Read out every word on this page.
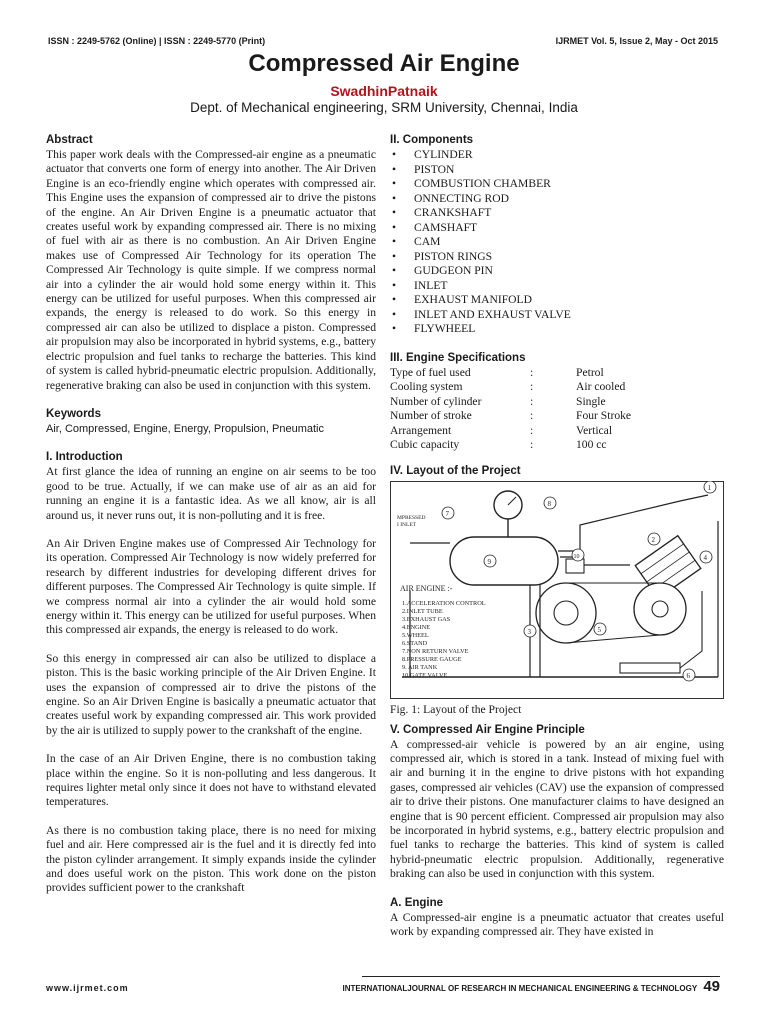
ISSN : 2249-5762 (Online) | ISSN : 2249-5770 (Print)	IJRMET Vol. 5, Issue 2, May - Oct 2015
Compressed Air Engine
SwadhinPatnaik
Dept. of Mechanical engineering, SRM University, Chennai, India
Abstract

This paper work deals with the Compressed-air engine as a pneumatic actuator that converts one form of energy into another. The Air Driven Engine is an eco-friendly engine which operates with compressed air. This Engine uses the expansion of compressed air to drive the pistons of the engine. An Air Driven Engine is a pneumatic actuator that creates useful work by expanding compressed air. There is no mixing of fuel with air as there is no combustion. An Air Driven Engine makes use of Compressed Air Technology for its operation The Compressed Air Technology is quite simple. If we compress normal air into a cylinder the air would hold some energy within it. This energy can be utilized for useful purposes. When this compressed air expands, the energy is released to do work. So this energy in compressed air can also be utilized to displace a piston. Compressed air propulsion may also be incorporated in hybrid systems, e.g., battery electric propulsion and fuel tanks to recharge the batteries. This kind of system is called hybrid-pneumatic electric propulsion. Additionally, regenerative braking can also be used in conjunction with this system.

Keywords

Air, Compressed, Engine, Energy, Propulsion, Pneumatic

I. Introduction

At first glance the idea of running an engine on air seems to be too good to be true. Actually, if we can make use of air as an aid for running an engine it is a fantastic idea. As we all know, air is all around us, it never runs out, it is non-polluting and it is free.

An Air Driven Engine makes use of Compressed Air Technology for its operation. Compressed Air Technology is now widely preferred for research by different industries for developing different drives for different purposes. The Compressed Air Technology is quite simple. If we compress normal air into a cylinder the air would hold some energy within it. This energy can be utilized for useful purposes. When this compressed air expands, the energy is released to do work.

So this energy in compressed air can also be utilized to displace a piston. This is the basic working principle of the Air Driven Engine. It uses the expansion of compressed air to drive the pistons of the engine. So an Air Driven Engine is basically a pneumatic actuator that creates useful work by expanding compressed air. This work provided by the air is utilized to supply power to the crankshaft of the engine.

In the case of an Air Driven Engine, there is no combustion taking place within the engine. So it is non-polluting and less dangerous. It requires lighter metal only since it does not have to withstand elevated temperatures.

As there is no combustion taking place, there is no need for mixing fuel and air. Here compressed air is the fuel and it is directly fed into the piston cylinder arrangement. It simply expands inside the cylinder and does useful work on the piston. This work done on the piston provides sufficient power to the crankshaft

II. Components
• CYLINDER
• PISTON
• COMBUSTION CHAMBER
• ONNECTING ROD
• CRANKSHAFT
• CAMSHAFT
• CAM
• PISTON RINGS
• GUDGEON PIN
• INLET
• EXHAUST MANIFOLD
• INLET AND EXHAUST VALVE
• FLYWHEEL
III. Engine Specifications
Type of fuel used	:	Petrol
Cooling system	:	Air cooled
Number of cylinder	:	Single
Number of stroke	:	Four Stroke
Arrangement	:	Vertical
Cubic capacity	:	100 cc
IV. Layout of the Project
MPRESSED
I INLET
1
2
3
4
5
6
7
8
9
10
AIR ENGINE :-
1.ACCELERATION CONTROL
2.INLET TUBE
3.EXHAUST GAS
4.ENGINE
5.WHEEL
6.STAND
7.NON RETURN VALVE
8.PRESSURE GAUGE
9. AIR TANK
10.GATE VALVE
Fig. 1: Layout of the Project
V. Compressed Air Engine Principle

A compressed-air vehicle is powered by an air engine, using compressed air, which is stored in a tank. Instead of mixing fuel with air and burning it in the engine to drive pistons with hot expanding gases, compressed air vehicles (CAV) use the expansion of compressed air to drive their pistons. One manufacturer claims to have designed an engine that is 90 percent efficient. Compressed air propulsion may also be incorporated in hybrid systems, e.g., battery electric propulsion and fuel tanks to recharge the batteries. This kind of system is called hybrid-pneumatic electric propulsion. Additionally, regenerative braking can also be used in conjunction with this system.

A. Engine

A Compressed-air engine is a pneumatic actuator that creates useful work by expanding compressed air. They have existed in

www.ijrmet.com	INTERNATIONALJOURNAL OF RESEARCH IN MECHANICAL ENGINEERING & TECHNOLOGY 49
